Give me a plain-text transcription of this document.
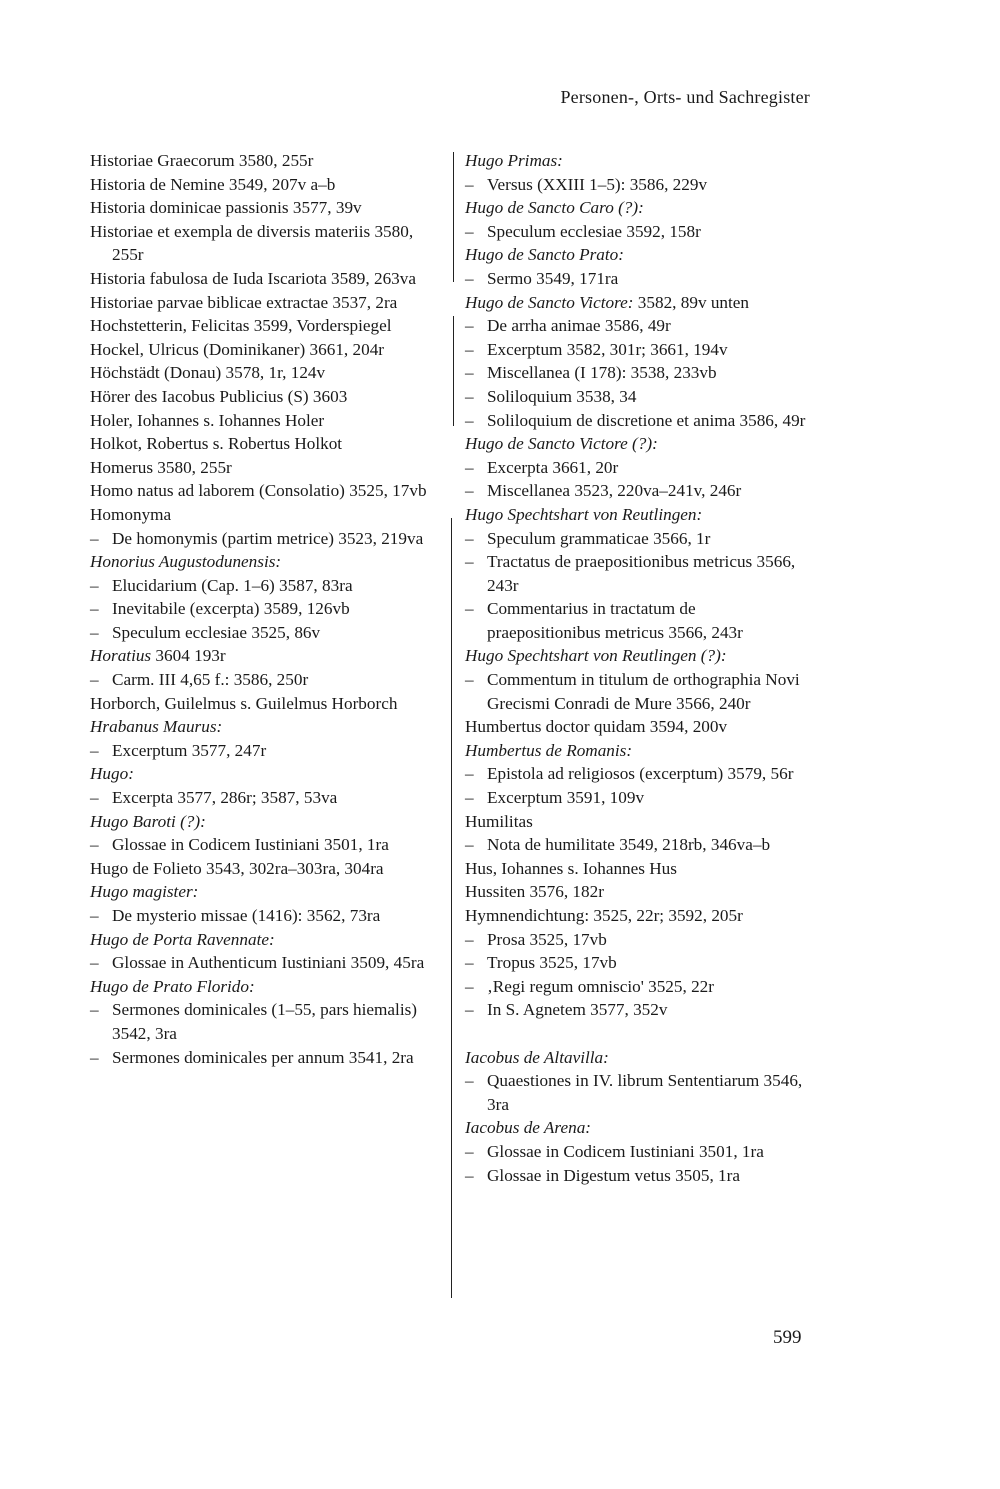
Personen-, Orts- und Sachregister

Historiae Graecorum 3580, 255r

Historia de Nemine 3549, 207v a–b

Historia dominicae passionis 3577, 39v

Historiae et exempla de diversis materiis 3580, 255r

Historia fabulosa de Iuda Iscariota 3589, 263va

Historiae parvae biblicae extractae 3537, 2ra

Hochstetterin, Felicitas 3599, Vorderspiegel

Hockel, Ulricus (Dominikaner) 3661, 204r

Höchstädt (Donau) 3578, 1r, 124v

Hörer des Iacobus Publicius (S) 3603

Holer, Iohannes s. Iohannes Holer

Holkot, Robertus s. Robertus Holkot

Homerus 3580, 255r

Homo natus ad laborem (Consolatio) 3525, 17vb

Homonyma

– De homonymis (partim metrice) 3523, 219va

Honorius Augustodunensis:

– Elucidarium (Cap. 1–6) 3587, 83ra

– Inevitabile (excerpta) 3589, 126vb

– Speculum ecclesiae 3525, 86v

Horatius 3604 193r

– Carm. III 4,65 f.: 3586, 250r

Horborch, Guilelmus s. Guilelmus Horborch

Hrabanus Maurus:

– Excerptum 3577, 247r

Hugo:

– Excerpta 3577, 286r; 3587, 53va

Hugo Baroti (?):

– Glossae in Codicem Iustiniani 3501, 1ra

Hugo de Folieto 3543, 302ra–303ra, 304ra

Hugo magister:

– De mysterio missae (1416): 3562, 73ra

Hugo de Porta Ravennate:

– Glossae in Authenticum Iustiniani 3509, 45ra

Hugo de Prato Florido:

– Sermones dominicales (1–55, pars hiemalis) 3542, 3ra

– Sermones dominicales per annum 3541, 2ra

Hugo Primas:

– Versus (XXIII 1–5): 3586, 229v

Hugo de Sancto Caro (?):

– Speculum ecclesiae 3592, 158r

Hugo de Sancto Prato:

– Sermo 3549, 171ra

Hugo de Sancto Victore: 3582, 89v unten

– De arrha animae 3586, 49r

– Excerptum 3582, 301r; 3661, 194v

– Miscellanea (I 178): 3538, 233vb

– Soliloquium 3538, 34

– Soliloquium de discretione et anima 3586, 49r

Hugo de Sancto Victore (?):

– Excerpta 3661, 20r

– Miscellanea 3523, 220va–241v, 246r

Hugo Spechtshart von Reutlingen:

– Speculum grammaticae 3566, 1r

– Tractatus de praepositionibus metricus 3566, 243r

– Commentarius in tractatum de praepositionibus metricus 3566, 243r

Hugo Spechtshart von Reutlingen (?):

– Commentum in titulum de orthographia Novi Grecismi Conradi de Mure 3566, 240r

Humbertus doctor quidam 3594, 200v

Humbertus de Romanis:

– Epistola ad religiosos (excerptum) 3579, 56r

– Excerptum 3591, 109v

Humilitas

– Nota de humilitate 3549, 218rb, 346va–b

Hus, Iohannes s. Iohannes Hus

Hussiten 3576, 182r

Hymnendichtung: 3525, 22r; 3592, 205r

– Prosa 3525, 17vb

– Tropus 3525, 17vb

– ‚Regi regum omniscio' 3525, 22r

– In S. Agnetem 3577, 352v

Iacobus de Altavilla:

– Quaestiones in IV. librum Sententiarum 3546, 3ra

Iacobus de Arena:

– Glossae in Codicem Iustiniani 3501, 1ra

– Glossae in Digestum vetus 3505, 1ra

599
